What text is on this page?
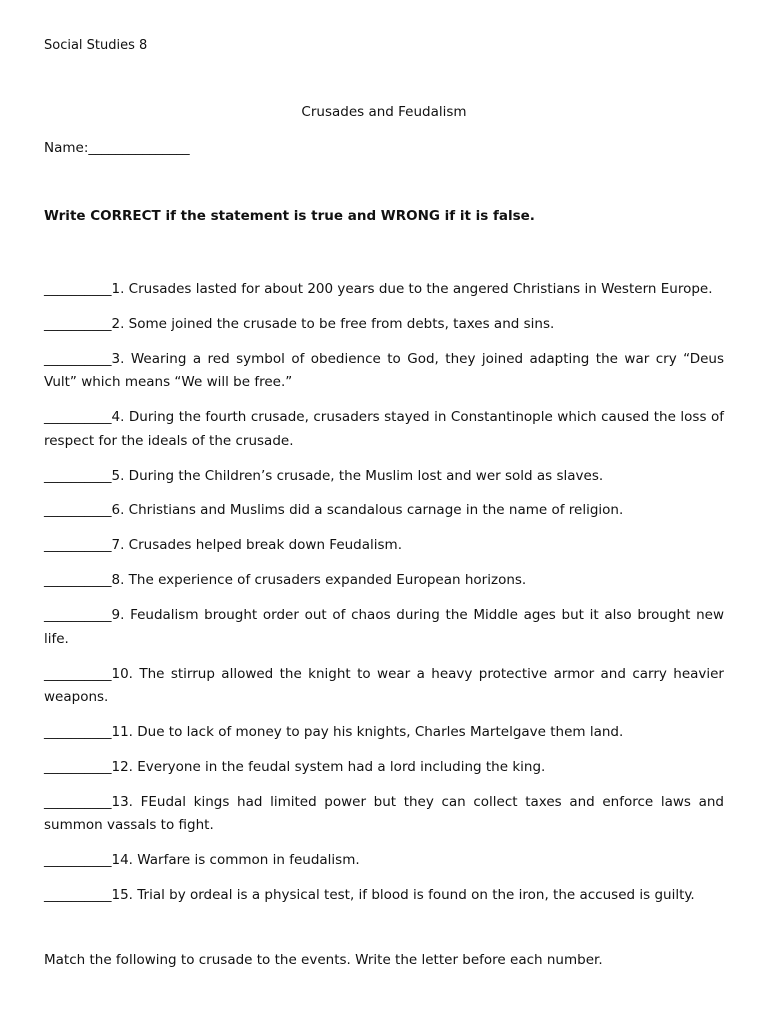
Social Studies 8
Crusades and Feudalism
Name:_______________
Write CORRECT if the statement is true and WRONG if it is false.
__________1. Crusades lasted for about 200 years due to the angered Christians in Western Europe.
__________2. Some joined the crusade to be free from debts, taxes and sins.
__________3. Wearing a red symbol of obedience to God, they joined adapting the war cry “Deus Vult” which means “We will be free.”
__________4. During the fourth crusade, crusaders stayed in Constantinople which caused the loss of respect for the ideals of the crusade.
__________5. During the Children’s crusade, the Muslim lost and wer sold as slaves.
__________6. Christians and Muslims did a scandalous carnage in the name of religion.
__________7. Crusades helped break down Feudalism.
__________8. The experience of crusaders expanded European horizons.
__________9. Feudalism brought order out of chaos during the Middle ages but it also brought new life.
__________10. The stirrup allowed the knight to wear a heavy protective armor and carry heavier weapons.
__________11. Due to lack of money to pay his knights, Charles Martelgave them land.
__________12. Everyone in the feudal system had a lord including the king.
__________13. FEudal kings had limited power but they can collect taxes and enforce laws and summon vassals to fight.
__________14. Warfare is common in feudalism.
__________15. Trial by ordeal is a physical test, if blood is found on the iron, the accused is guilty.
Match the following to crusade to the events. Write the letter before each number.
